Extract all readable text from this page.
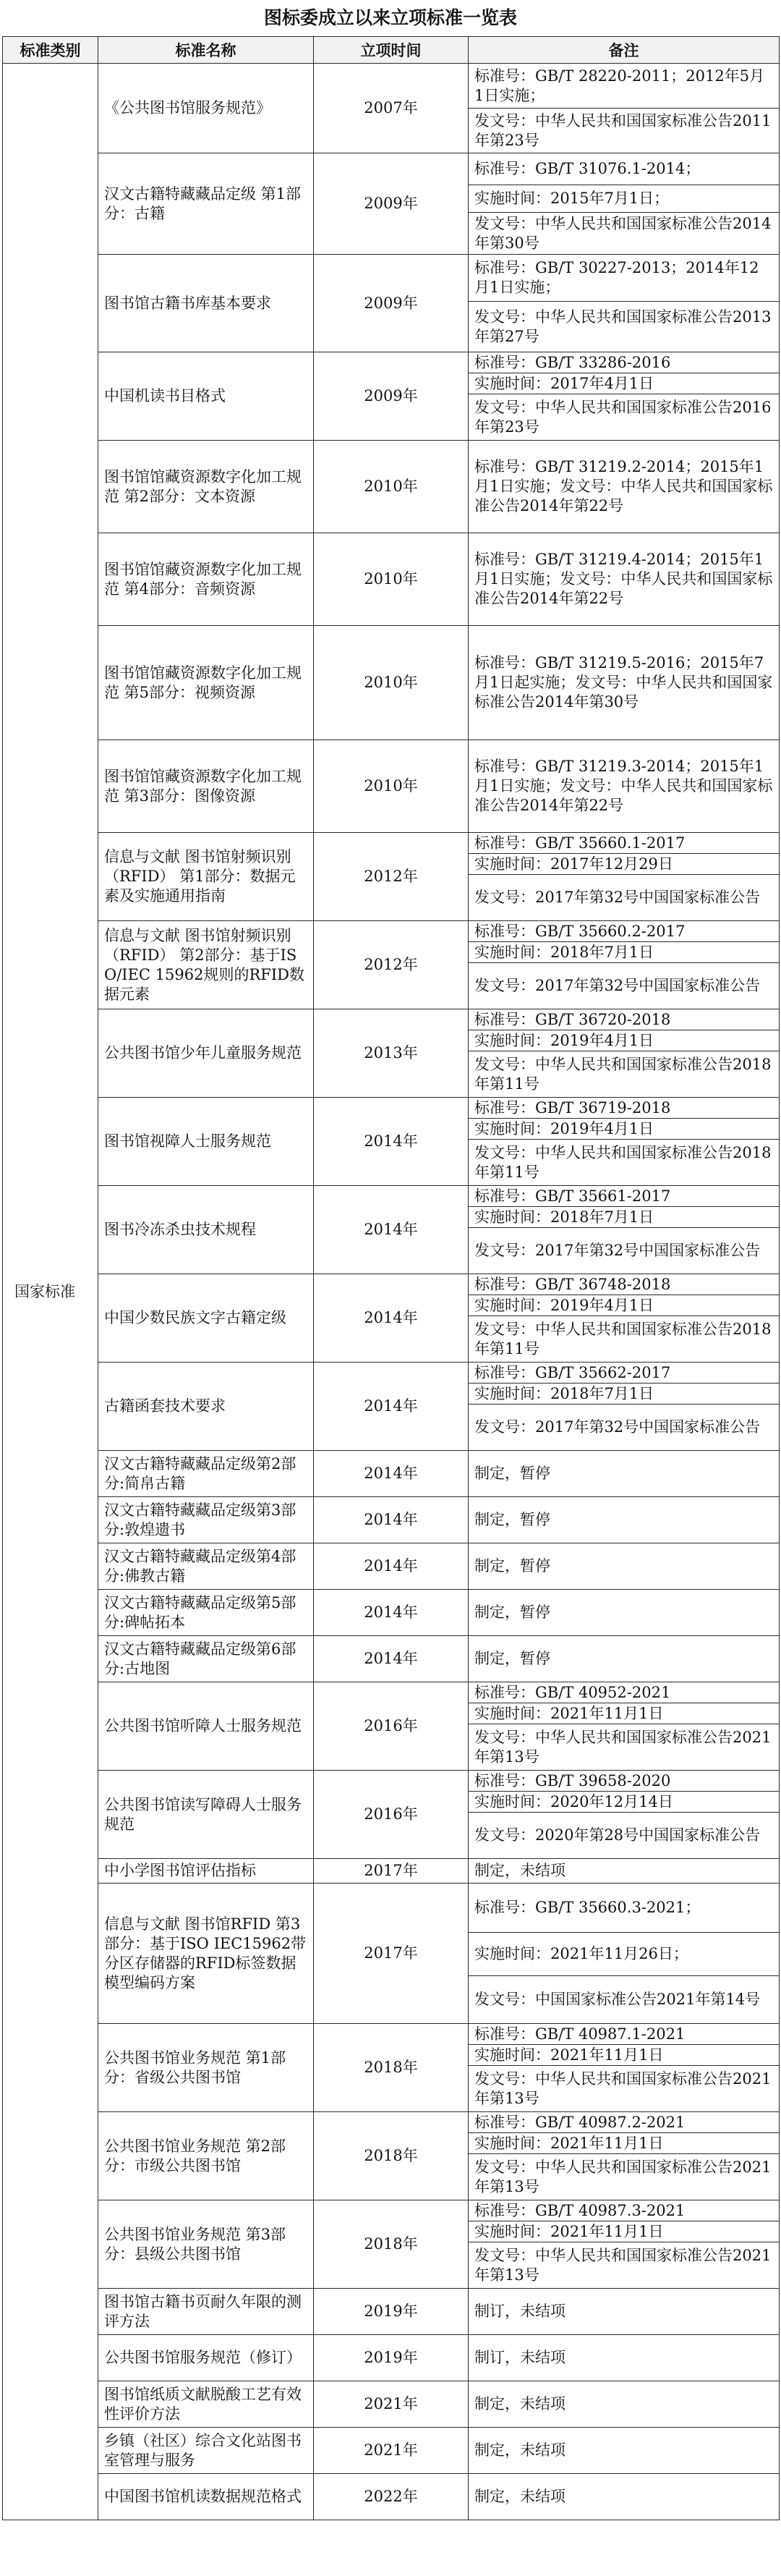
图标委成立以来立项标准一览表
标准类别	标准名称	立项时间	备注
国家标准	《公共图书馆服务规范》	2007年	标准号：GB/T 28220-2011；2012年5月1日实施；
			发文号：中华人民共和国国家标准公告2011年第23号
	汉文古籍特藏藏品定级 第1部分：古籍	2009年	标准号：GB/T 31076.1-2014；
			实施时间：2015年7月1日；
			发文号：中华人民共和国国家标准公告2014年第30号
	图书馆古籍书库基本要求	2009年	标准号：GB/T 30227-2013；2014年12月1日实施；
			发文号：中华人民共和国国家标准公告2013年第27号
	中国机读书目格式	2009年	标准号：GB/T 33286-2016
			实施时间：2017年4月1日
			发文号：中华人民共和国国家标准公告2016年第23号
	图书馆馆藏资源数字化加工规范 第2部分：文本资源	2010年	标准号：GB/T 31219.2-2014；2015年1月1日实施；发文号：中华人民共和国国家标准公告2014年第22号
	图书馆馆藏资源数字化加工规范 第4部分：音频资源	2010年	标准号：GB/T 31219.4-2014；2015年1月1日实施；发文号：中华人民共和国国家标准公告2014年第22号
	图书馆馆藏资源数字化加工规范 第5部分：视频资源	2010年	标准号：GB/T 31219.5-2016；2015年7月1日起实施；发文号：中华人民共和国国家标准公告2014年第30号
	图书馆馆藏资源数字化加工规范 第3部分：图像资源	2010年	标准号：GB/T 31219.3-2014；2015年1月1日实施；发文号：中华人民共和国国家标准公告2014年第22号
	信息与文献 图书馆射频识别（RFID） 第1部分：数据元素及实施通用指南	2012年	标准号：GB/T 35660.1-2017
			实施时间：2017年12月29日
			发文号：2017年第32号中国国家标准公告
	信息与文献 图书馆射频识别（RFID） 第2部分：基于ISO/IEC 15962规则的RFID数据元素	2012年	标准号：GB/T 35660.2-2017
			实施时间：2018年7月1日
			发文号：2017年第32号中国国家标准公告
	公共图书馆少年儿童服务规范	2013年	标准号：GB/T 36720-2018
			实施时间：2019年4月1日
			发文号：中华人民共和国国家标准公告2018年第11号
	图书馆视障人士服务规范	2014年	标准号：GB/T 36719-2018
			实施时间：2019年4月1日
			发文号：中华人民共和国国家标准公告2018年第11号
	图书冷冻杀虫技术规程	2014年	标准号：GB/T 35661-2017
			实施时间：2018年7月1日
			发文号：2017年第32号中国国家标准公告
	中国少数民族文字古籍定级	2014年	标准号：GB/T 36748-2018
			实施时间：2019年4月1日
			发文号：中华人民共和国国家标准公告2018年第11号
	古籍函套技术要求	2014年	标准号：GB/T 35662-2017
			实施时间：2018年7月1日
			发文号：2017年第32号中国国家标准公告
	汉文古籍特藏藏品定级第2部分:简帛古籍	2014年	制定，暂停
	汉文古籍特藏藏品定级第3部分:敦煌遗书	2014年	制定，暂停
	汉文古籍特藏藏品定级第4部分:佛教古籍	2014年	制定，暂停
	汉文古籍特藏藏品定级第5部分:碑帖拓本	2014年	制定，暂停
	汉文古籍特藏藏品定级第6部分:古地图	2014年	制定，暂停
	公共图书馆听障人士服务规范	2016年	标准号：GB/T 40952-2021
			实施时间：2021年11月1日
			发文号：中华人民共和国国家标准公告2021年第13号
	公共图书馆读写障碍人士服务规范	2016年	标准号：GB/T 39658-2020
			实施时间：2020年12月14日
			发文号：2020年第28号中国国家标准公告
	中小学图书馆评估指标	2017年	制定，未结项
	信息与文献 图书馆RFID 第3部分：基于ISO IEC15962带分区存储器的RFID标签数据模型编码方案	2017年	标准号：GB/T 35660.3-2021；
			实施时间：2021年11月26日；
			发文号：中国国家标准公告2021年第14号
	公共图书馆业务规范 第1部分：省级公共图书馆	2018年	标准号：GB/T 40987.1-2021
			实施时间：2021年11月1日
			发文号：中华人民共和国国家标准公告2021年第13号
	公共图书馆业务规范 第2部分：市级公共图书馆	2018年	标准号：GB/T 40987.2-2021
			实施时间：2021年11月1日
			发文号：中华人民共和国国家标准公告2021年第13号
	公共图书馆业务规范 第3部分：县级公共图书馆	2018年	标准号：GB/T 40987.3-2021
			实施时间：2021年11月1日
			发文号：中华人民共和国国家标准公告2021年第13号
	图书馆古籍书页耐久年限的测评方法	2019年	制订，未结项
	公共图书馆服务规范（修订）	2019年	制订，未结项
	图书馆纸质文献脱酸工艺有效性评价方法	2021年	制定，未结项
	乡镇（社区）综合文化站图书室管理与服务	2021年	制定，未结项
	中国图书馆机读数据规范格式	2022年	制定，未结项
